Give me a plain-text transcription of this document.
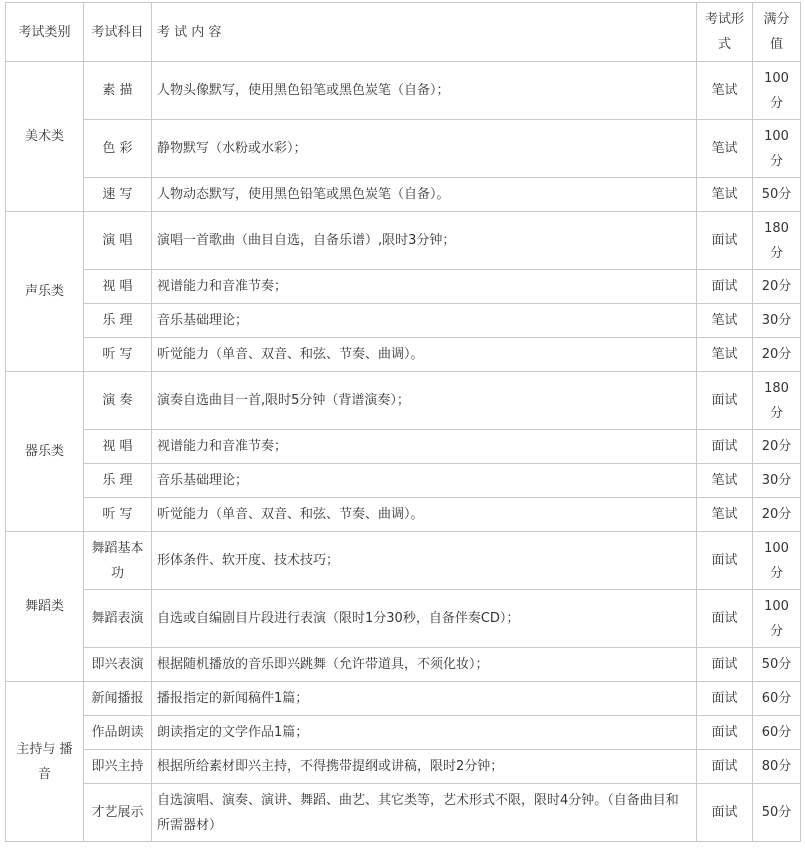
考试类别	考试科目	考 试 内 容	考试形式	满分值
美术类	素 描	人物头像默写，使用黑色铅笔或黑色炭笔（自备）；	笔试	100分
	色 彩	静物默写（水粉或水彩）；	笔试	100分
	速 写	人物动态默写，使用黑色铅笔或黑色炭笔（自备）。	笔试	50分
声乐类	演 唱	演唱一首歌曲（曲目自选，自备乐谱）,限时3分钟；	面试	180分
	视 唱	视谱能力和音准节奏；	面试	20分
	乐 理	音乐基础理论；	笔试	30分
	听 写	听觉能力（单音、双音、和弦、节奏、曲调）。	笔试	20分
器乐类	演 奏	演奏自选曲目一首,限时5分钟（背谱演奏）；	面试	180分
	视 唱	视谱能力和音准节奏；	面试	20分
	乐 理	音乐基础理论；	笔试	30分
	听 写	听觉能力（单音、双音、和弦、节奏、曲调）。	笔试	20分
舞蹈类	舞蹈基本功	形体条件、软开度、技术技巧；	面试	100分
	舞蹈表演	自选或自编剧目片段进行表演（限时1分30秒，自备伴奏CD）；	面试	100分
	即兴表演	根据随机播放的音乐即兴跳舞（允许带道具，不须化妆）；	面试	50分
主持与 播音	新闻播报	播报指定的新闻稿件1篇；	面试	60分
	作品朗读	朗读指定的文学作品1篇；	面试	60分
	即兴主持	根据所给素材即兴主持，不得携带提纲或讲稿，限时2分钟；	面试	80分
	才艺展示	自选演唱、演奏、演讲、舞蹈、曲艺、其它类等，艺术形式不限，限时4分钟。（自备曲目和所需器材）	面试	50分
